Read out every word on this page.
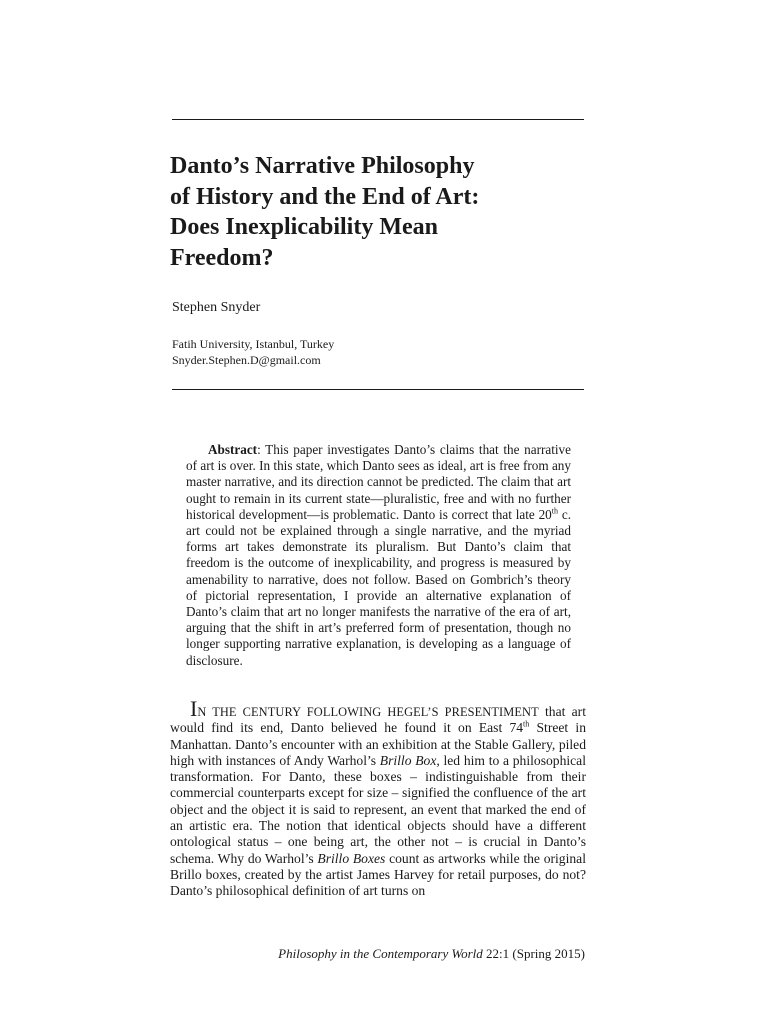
Danto’s Narrative Philosophy
of History and the End of Art:
Does Inexplicability Mean
Freedom?
Stephen Snyder
Fatih University, Istanbul, Turkey
Snyder.Stephen.D@gmail.com

Abstract: This paper investigates Danto’s claims that the narrative of art is over. In this state, which Danto sees as ideal, art is free from any master narrative, and its direction cannot be predicted. The claim that art ought to remain in its current state—pluralistic, free and with no further historical development—is problematic. Danto is correct that late 20th c. art could not be explained through a single narrative, and the myriad forms art takes demonstrate its pluralism. But Danto’s claim that freedom is the outcome of inexplicability, and progress is measured by amenability to narrative, does not follow. Based on Gombrich’s theory of pictorial representation, I provide an alternative explanation of Danto’s claim that art no longer manifests the narrative of the era of art, arguing that the shift in art’s preferred form of presentation, though no longer supporting narrative explanation, is developing as a language of disclosure.

IN THE CENTURY FOLLOWING HEGEL’S PRESENTIMENT that art would find its end, Danto believed he found it on East 74th Street in Manhattan. Danto’s encounter with an exhibition at the Stable Gallery, piled high with instances of Andy Warhol’s Brillo Box, led him to a philosophical transformation. For Danto, these boxes – indistinguishable from their commercial counterparts except for size – signified the confluence of the art object and the object it is said to represent, an event that marked the end of an artistic era. The notion that identical objects should have a different ontological status – one being art, the other not – is crucial in Danto’s schema. Why do Warhol’s Brillo Boxes count as artworks while the original Brillo boxes, created by the artist James Harvey for retail purposes, do not? Danto’s philosophical definition of art turns on

Philosophy in the Contemporary World 22:1 (Spring 2015)
